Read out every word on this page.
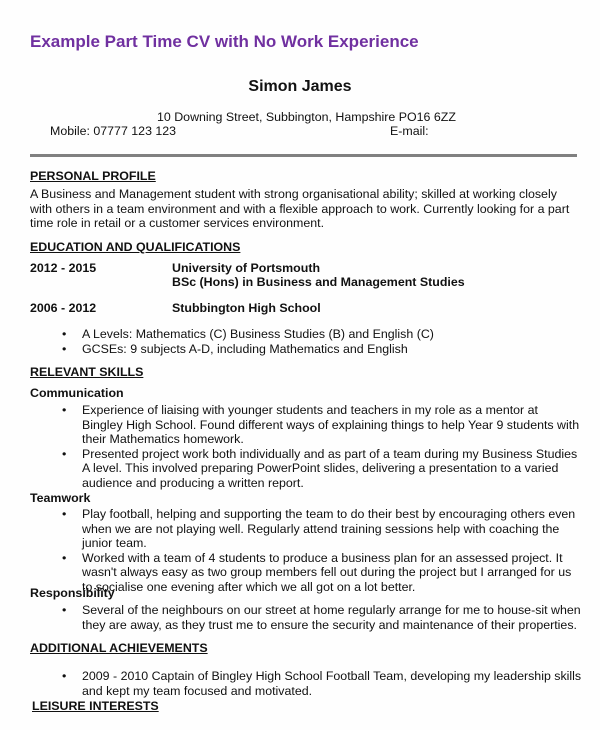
Example Part Time CV with No Work Experience
Simon James
10 Downing Street, Subbington, Hampshire PO16 6ZZ
Mobile: 07777 123 123	E-mail:
PERSONAL PROFILE
A Business and Management student with strong organisational ability; skilled at working closely with others in a team environment and with a flexible approach to work. Currently looking for a part time role in retail or a customer services environment.
EDUCATION AND QUALIFICATIONS
2012 - 2015	University of Portsmouth
BSc (Hons) in Business and Management Studies
2006 - 2012	Stubbington High School
• A Levels: Mathematics (C) Business Studies (B) and English (C)
• GCSEs: 9 subjects A-D, including Mathematics and English
RELEVANT SKILLS
Communication
• Experience of liaising with younger students and teachers in my role as a mentor at Bingley High School. Found different ways of explaining things to help Year 9 students with their Mathematics homework.
• Presented project work both individually and as part of a team during my Business Studies A level. This involved preparing PowerPoint slides, delivering a presentation to a varied audience and producing a written report.
Teamwork
• Play football, helping and supporting the team to do their best by encouraging others even when we are not playing well. Regularly attend training sessions help with coaching the junior team.
• Worked with a team of 4 students to produce a business plan for an assessed project. It wasn't always easy as two group members fell out during the project but I arranged for us to socialise one evening after which we all got on a lot better.
Responsibility
• Several of the neighbours on our street at home regularly arrange for me to house-sit when they are away, as they trust me to ensure the security and maintenance of their properties.
ADDITIONAL ACHIEVEMENTS
• 2009 - 2010 Captain of Bingley High School Football Team, developing my leadership skills and kept my team focused and motivated.
LEISURE INTERESTS
